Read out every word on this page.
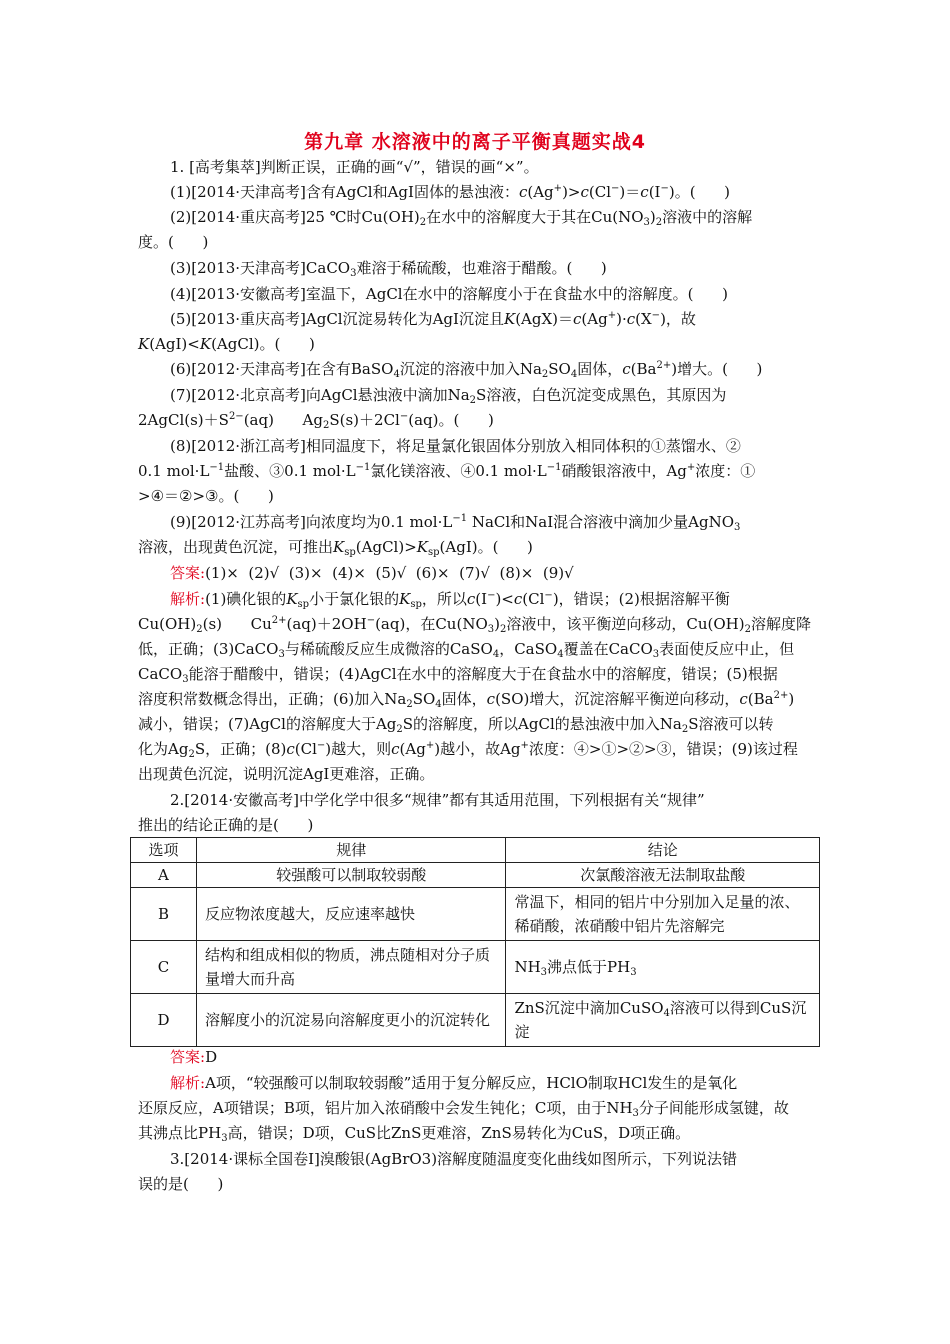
第九章 水溶液中的离子平衡真题实战4
1. [高考集萃]判断正误，正确的画“√”，错误的画“×”。
(1)[2014·天津高考]含有AgCl和AgI固体的悬浊液：c(Ag+)>c(Cl−)＝c(I−)。(      )
(2)[2014·重庆高考]25 ℃时$Cu(OH)_2$在水中的溶解度大于其在$Cu(NO_3)_2$溶液中的溶解
度。(      )
(3)[2013·天津高考]CaCO$_3$难溶于稀硫酸，也难溶于醋酸。(      )
(4)[2013·安徽高考]室温下，AgCl在水中的溶解度小于在食盐水中的溶解度。(      )
(5)[2013·重庆高考]AgCl沉淀易转化为AgI沉淀且K(AgX)＝c(Ag+)·c(X−)，故
K(AgI)<K(AgCl)。(      )
(6)[2012·天津高考]在含有BaSO$_4$沉淀的溶液中加入$Na_2SO_4$固体，$c(Ba^{2+})$增大。(      )
(7)[2012·北京高考]向AgCl悬浊液中滴加$Na_2S$溶液，白色沉淀变成黑色，其原因为
$2AgCl(s)+S^{2-}(aq)$      $Ag_2S(s)+2Cl^-(aq)$。(      )
(8)[2012·浙江高考]相同温度下，将足量氯化银固体分别放入相同体积的①蒸馏水、②
0.1 $mol\cdot L^{-1}$盐酸、③0.1 $mol\cdot L^{-1}$氯化镁溶液、④0.1 $mol\cdot L^{-1}$硝酸银溶液中，Ag+浓度：①
>④＝②>③。(      )
(9)[2012·江苏高考]向浓度均为0.1 $mol\cdot L^{-1}$ NaCl和NaI混合溶液中滴加少量AgNO$_3$
溶液，出现黄色沉淀，可推出$K_{sp}(AgCl)>K_{sp}(AgI)$。(      )
答案:(1)×  (2)√  (3)×  (4)×  (5)√  (6)×  (7)√  (8)×  (9)√
解析:(1)碘化银的$K_{sp}$小于氯化银的$K_{sp}$，所以c(I−)<c(Cl−)，错误；(2)根据溶解平衡
$Cu(OH)_2(s)$      $Cu^{2+}(aq)+2OH^-(aq)$，在$Cu(NO_3)_2$溶液中，该平衡逆向移动，$Cu(OH)_2$溶解度降
低，正确；(3)CaCO$_3$与稀硫酸反应生成微溶的CaSO$_4$，CaSO$_4$覆盖在CaCO$_3$表面使反应中止，但
CaCO$_3$能溶于醋酸中，错误；(4)AgCl在水中的溶解度大于在食盐水中的溶解度，错误；(5)根据
溶度积常数概念得出，正确；(6)加入$Na_2SO_4$固体，c(SO)增大，沉淀溶解平衡逆向移动，$c(Ba^{2+})$
减小，错误；(7)AgCl的溶解度大于$Ag_2S$的溶解度，所以AgCl的悬浊液中加入$Na_2S$溶液可以转
化为$Ag_2S$，正确；(8)c(Cl−)越大，则c(Ag+)越小，故Ag+浓度：④>①>②>③，错误；(9)该过程
出现黄色沉淀，说明沉淀AgI更难溶，正确。
2.[2014·安徽高考]中学化学中很多“规律”都有其适用范围，下列根据有关“规律”
推出的结论正确的是(      )
选项	规律	结论
A	较强酸可以制取较弱酸	次氯酸溶液无法制取盐酸
B	反应物浓度越大，反应速率越快	常温下，相同的铝片中分别加入足量的浓、稀硝酸，浓硝酸中铝片先溶解完
C	结构和组成相似的物质，沸点随相对分子质量增大而升高	$NH_3$沸点低于$PH_3$
D	溶解度小的沉淀易向溶解度更小的沉淀转化	ZnS沉淀中滴加CuSO$_4$溶液可以得到CuS沉淀
答案:D
解析:A项，“较强酸可以制取较弱酸”适用于复分解反应，HClO制取HCl发生的是氧化
还原反应，A项错误；B项，铝片加入浓硝酸中会发生钝化；C项，由于$NH_3$分子间能形成氢键，故
其沸点比$PH_3$高，错误；D项，CuS比ZnS更难溶，ZnS易转化为CuS，D项正确。
3.[2014·课标全国卷Ⅰ]溴酸银(AgBrO3)溶解度随温度变化曲线如图所示，下列说法错
误的是(      )
